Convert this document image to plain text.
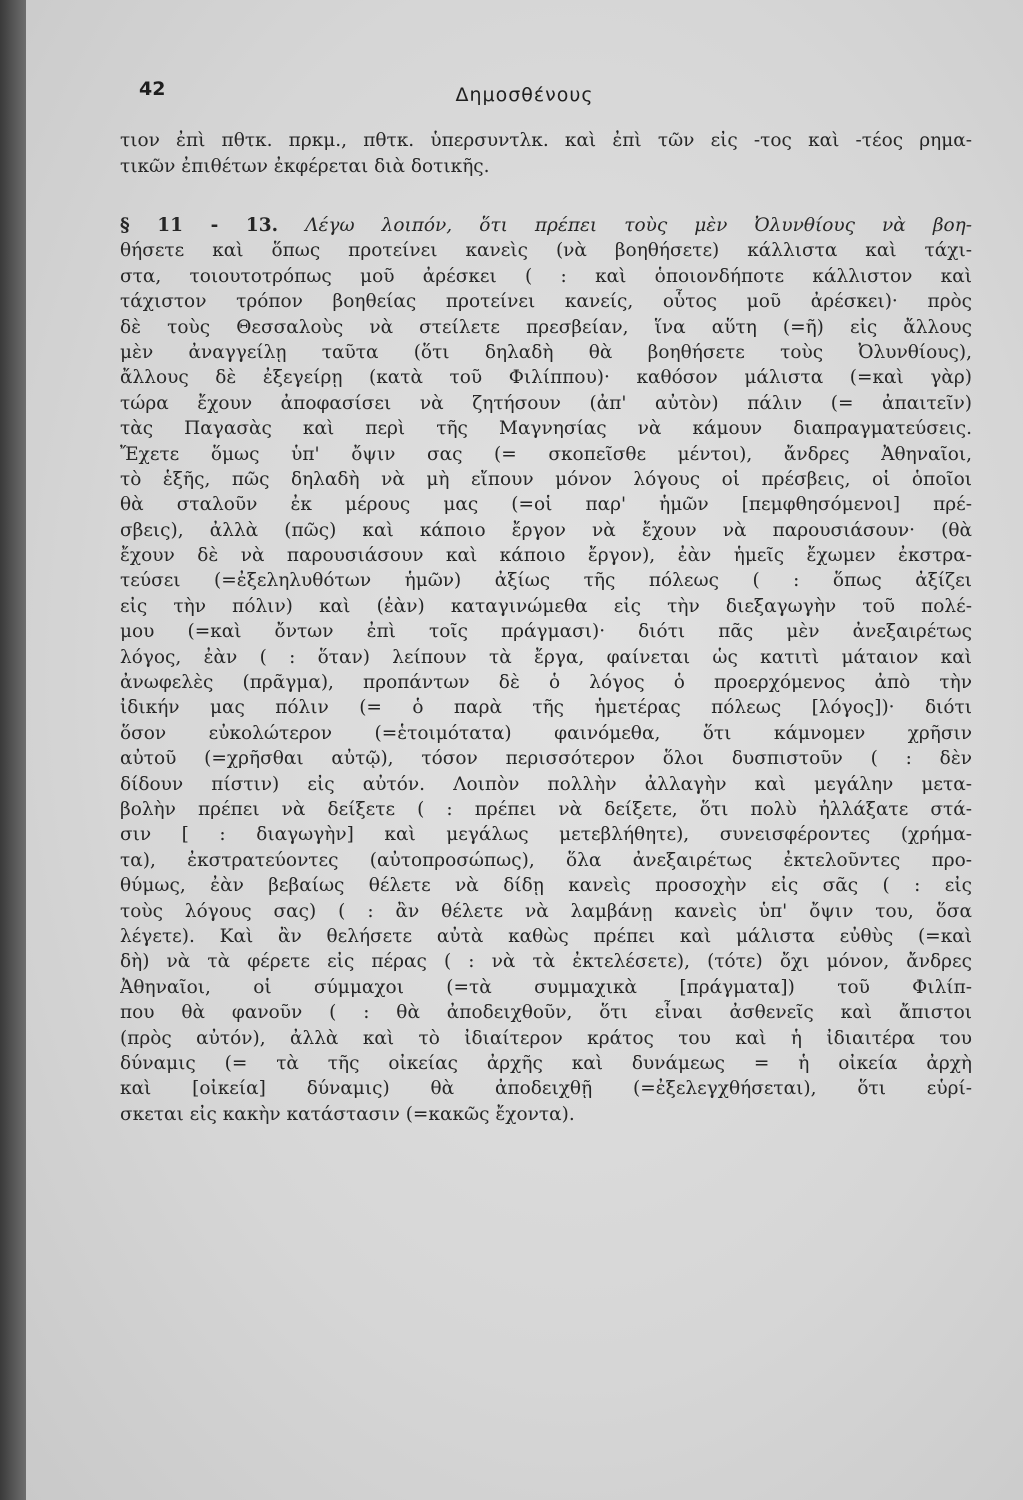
42	Δημοσθένους
τιον ἐπὶ πθτκ. πρκμ., πθτκ. ὑπερσυντλκ. καὶ ἐπὶ τῶν εἰς -τος καὶ -τέος ρημα-
τικῶν ἐπιθέτων ἐκφέρεται διὰ δοτικῆς.
§ 11 - 13. Λέγω λοιπόν, ὅτι πρέπει τοὺς μὲν Ὀλυνθίους νὰ βοη-
θήσετε καὶ ὅπως προτείνει κανεὶς (νὰ βοηθήσετε) κάλλιστα καὶ τάχι-
στα, τοιουτοτρόπως μοῦ ἀρέσκει ( : καὶ ὁποιονδήποτε κάλλιστον καὶ
τάχιστον τρόπον βοηθείας προτείνει κανείς, οὗτος μοῦ ἀρέσκει)· πρὸς
δὲ τοὺς Θεσσαλοὺς νὰ στείλετε πρεσβείαν, ἵνα αὕτη (=ῆ) εἰς ἄλλους
μὲν ἀναγγείλῃ ταῦτα (ὅτι δηλαδὴ θὰ βοηθήσετε τοὺς Ὀλυνθίους),
ἄλλους δὲ ἐξεγείρῃ (κατὰ τοῦ Φιλίππου)· καθόσον μάλιστα (=καὶ γὰρ)
τώρα ἔχουν ἀποφασίσει νὰ ζητήσουν (ἀπ' αὐτὸν) πάλιν (= ἀπαιτεῖν)
τὰς Παγασὰς καὶ περὶ τῆς Μαγνησίας νὰ κάμουν διαπραγματεύσεις.
Ἔχετε ὅμως ὑπ' ὄψιν σας (= σκοπεῖσθε μέντοι), ἄνδρες Ἀθηναῖοι,
τὸ ἑξῆς, πῶς δηλαδὴ νὰ μὴ εἴπουν μόνον λόγους οἱ πρέσβεις, οἱ ὁποῖοι
θὰ σταλοῦν ἐκ μέρους μας (=οἱ παρ' ἡμῶν [πεμφθησόμενοι] πρέ-
σβεις), ἀλλὰ (πῶς) καὶ κάποιο ἔργον νὰ ἔχουν νὰ παρουσιάσουν· (θὰ
ἔχουν δὲ νὰ παρουσιάσουν καὶ κάποιο ἔργον), ἐὰν ἡμεῖς ἔχωμεν ἐκστρα-
τεύσει (=ἐξεληλυθότων ἡμῶν) ἀξίως τῆς πόλεως ( : ὅπως ἀξίζει
εἰς τὴν πόλιν) καὶ (ἐὰν) καταγινώμεθα εἰς τὴν διεξαγωγὴν τοῦ πολέ-
μου (=καὶ ὄντων ἐπὶ τοῖς πράγμασι)· διότι πᾶς μὲν ἀνεξαιρέτως
λόγος, ἐὰν ( : ὅταν) λείπουν τὰ ἔργα, φαίνεται ὡς κατιτὶ μάταιον καὶ
ἀνωφελὲς (πρᾶγμα), προπάντων δὲ ὁ λόγος ὁ προερχόμενος ἀπὸ τὴν
ἰδικήν μας πόλιν (= ὁ παρὰ τῆς ἡμετέρας πόλεως [λόγος])· διότι
ὅσον εὐκολώτερον (=ἑτοιμότατα) φαινόμεθα, ὅτι κάμνομεν χρῆσιν
αὐτοῦ (=χρῆσθαι αὐτῷ), τόσον περισσότερον ὅλοι δυσπιστοῦν ( : δὲν
δίδουν πίστιν) εἰς αὐτόν. Λοιπὸν πολλὴν ἀλλαγὴν καὶ μεγάλην μετα-
βολὴν πρέπει νὰ δείξετε ( : πρέπει νὰ δείξετε, ὅτι πολὺ ἠλλάξατε στά-
σιν [ : διαγωγὴν] καὶ μεγάλως μετεβλήθητε), συνεισφέροντες (χρήμα-
τα), ἐκστρατεύοντες (αὐτοπροσώπως), ὅλα ἀνεξαιρέτως ἐκτελοῦντες προ-
θύμως, ἐὰν βεβαίως θέλετε νὰ δίδῃ κανεὶς προσοχὴν εἰς σᾶς ( : εἰς
τοὺς λόγους σας) ( : ἂν θέλετε νὰ λαμβάνῃ κανεὶς ὑπ' ὄψιν του, ὅσα
λέγετε). Καὶ ἂν θελήσετε αὐτὰ καθὼς πρέπει καὶ μάλιστα εὐθὺς (=καὶ
δὴ) νὰ τὰ φέρετε εἰς πέρας ( : νὰ τὰ ἐκτελέσετε), (τότε) ὄχι μόνον, ἄνδρες
Ἀθηναῖοι, οἱ σύμμαχοι (=τὰ συμμαχικὰ [πράγματα]) τοῦ Φιλίπ-
που θὰ φανοῦν ( : θὰ ἀποδειχθοῦν, ὅτι εἶναι ἀσθενεῖς καὶ ἄπιστοι
(πρὸς αὐτόν), ἀλλὰ καὶ τὸ ἰδιαίτερον κράτος του καὶ ἡ ἰδιαιτέρα του
δύναμις (= τὰ τῆς οἰκείας ἀρχῆς καὶ δυνάμεως = ἡ οἰκεία ἀρχὴ
καὶ [οἰκεία] δύναμις) θὰ ἀποδειχθῇ (=ἐξελεγχθήσεται), ὅτι εὑρί-
σκεται εἰς κακὴν κατάστασιν (=κακῶς ἔχοντα).
